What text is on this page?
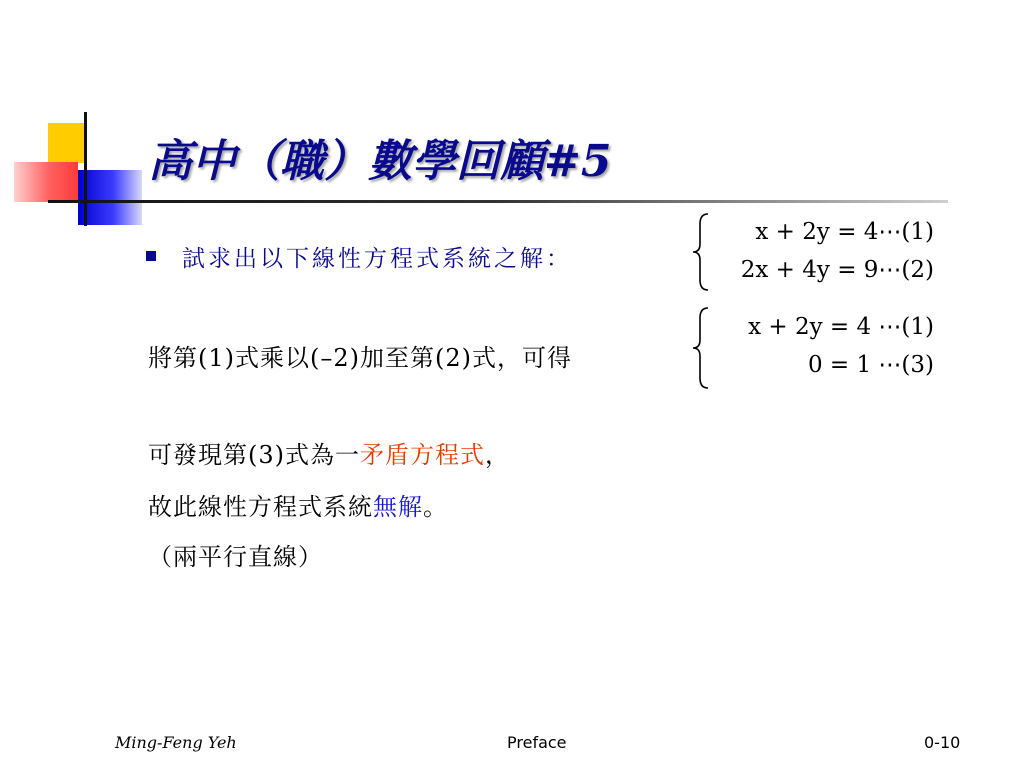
高中（職）數學回顧#5
試求出以下線性方程式系統之解：
x + 2y = 4⋯(1)
2x + 4y = 9⋯(2)
將第(1)式乘以(–2)加至第(2)式，可得
x + 2y = 4 ⋯(1)
0 = 1 ⋯(3)
可發現第(3)式為一矛盾方程式，
故此線性方程式系統無解。
（兩平行直線）
Ming-Feng Yeh	Preface	0-10
